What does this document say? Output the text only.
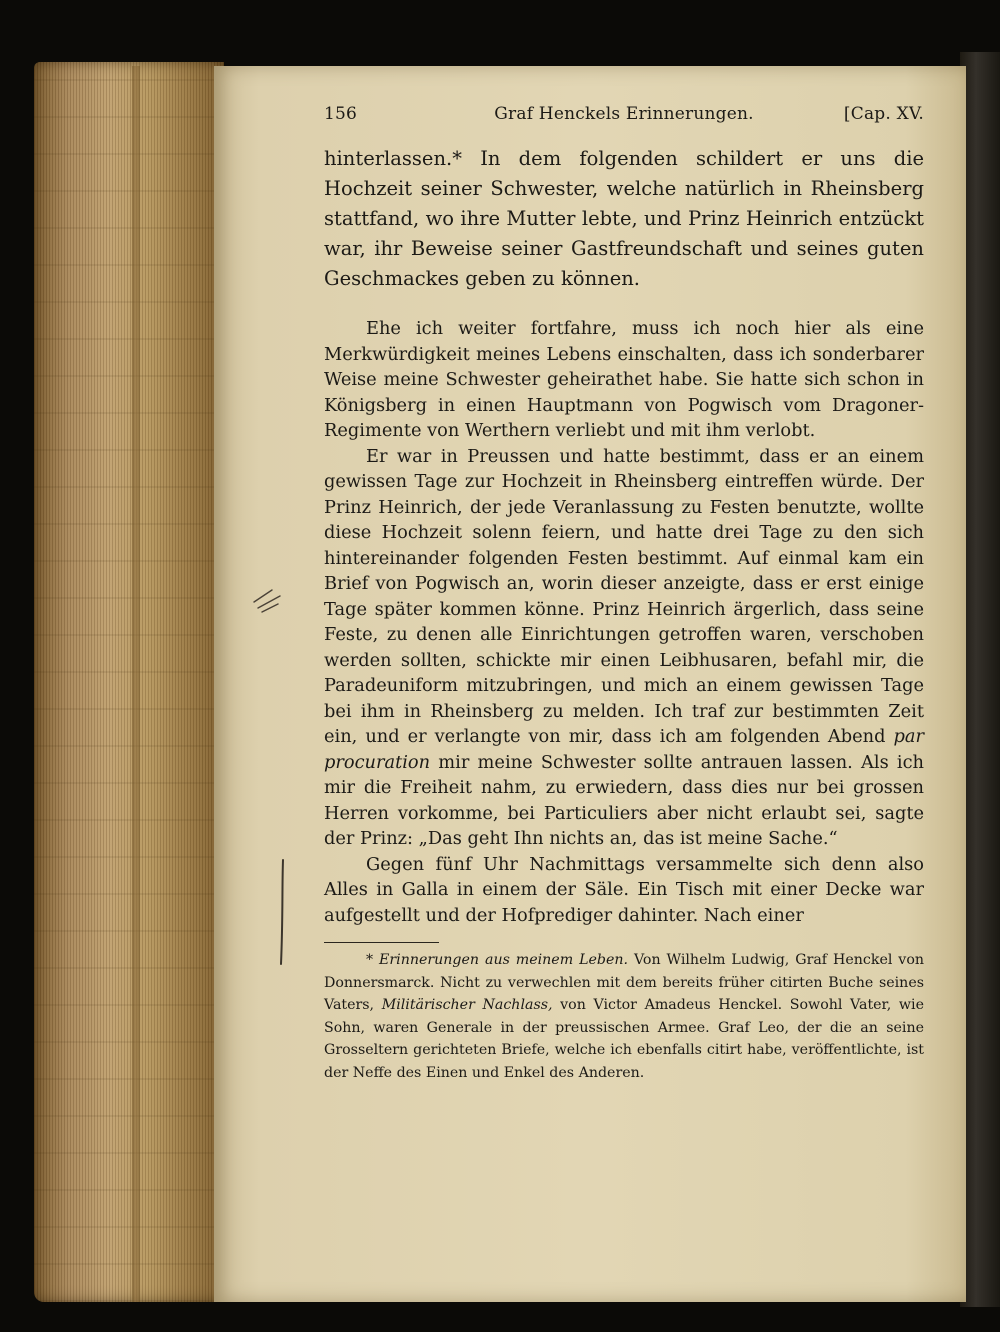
156	Graf Henckels Erinnerungen.	[Cap. XV.

hinterlassen.* In dem folgenden schildert er uns die Hochzeit seiner Schwester, welche natürlich in Rheinsberg stattfand, wo ihre Mutter lebte, und Prinz Heinrich entzückt war, ihr Beweise seiner Gastfreundschaft und seines guten Geschmackes geben zu können.

Ehe ich weiter fortfahre, muss ich noch hier als eine Merkwürdigkeit meines Lebens einschalten, dass ich sonderbarer Weise meine Schwester geheirathet habe. Sie hatte sich schon in Königsberg in einen Hauptmann von Pogwisch vom Dragoner-Regimente von Werthern verliebt und mit ihm verlobt.

Er war in Preussen und hatte bestimmt, dass er an einem gewissen Tage zur Hochzeit in Rheinsberg eintreffen würde. Der Prinz Heinrich, der jede Veranlassung zu Festen benutzte, wollte diese Hochzeit solenn feiern, und hatte drei Tage zu den sich hintereinander folgenden Festen bestimmt. Auf einmal kam ein Brief von Pogwisch an, worin dieser anzeigte, dass er erst einige Tage später kommen könne. Prinz Heinrich ärgerlich, dass seine Feste, zu denen alle Einrichtungen getroffen waren, verschoben werden sollten, schickte mir einen Leibhusaren, befahl mir, die Paradeuniform mitzubringen, und mich an einem gewissen Tage bei ihm in Rheinsberg zu melden. Ich traf zur bestimmten Zeit ein, und er verlangte von mir, dass ich am folgenden Abend par procuration mir meine Schwester sollte antrauen lassen. Als ich mir die Freiheit nahm, zu erwiedern, dass dies nur bei grossen Herren vorkomme, bei Particuliers aber nicht erlaubt sei, sagte der Prinz: „Das geht Ihn nichts an, das ist meine Sache.“

Gegen fünf Uhr Nachmittags versammelte sich denn also Alles in Galla in einem der Säle. Ein Tisch mit einer Decke war aufgestellt und der Hofprediger dahinter. Nach einer

* Erinnerungen aus meinem Leben. Von Wilhelm Ludwig, Graf Henckel von Donnersmarck. Nicht zu verwechlen mit dem bereits früher citirten Buche seines Vaters, Militärischer Nachlass, von Victor Amadeus Henckel. Sowohl Vater, wie Sohn, waren Generale in der preussischen Armee. Graf Leo, der die an seine Grosseltern gerichteten Briefe, welche ich ebenfalls citirt habe, veröffentlichte, ist der Neffe des Einen und Enkel des Anderen.
